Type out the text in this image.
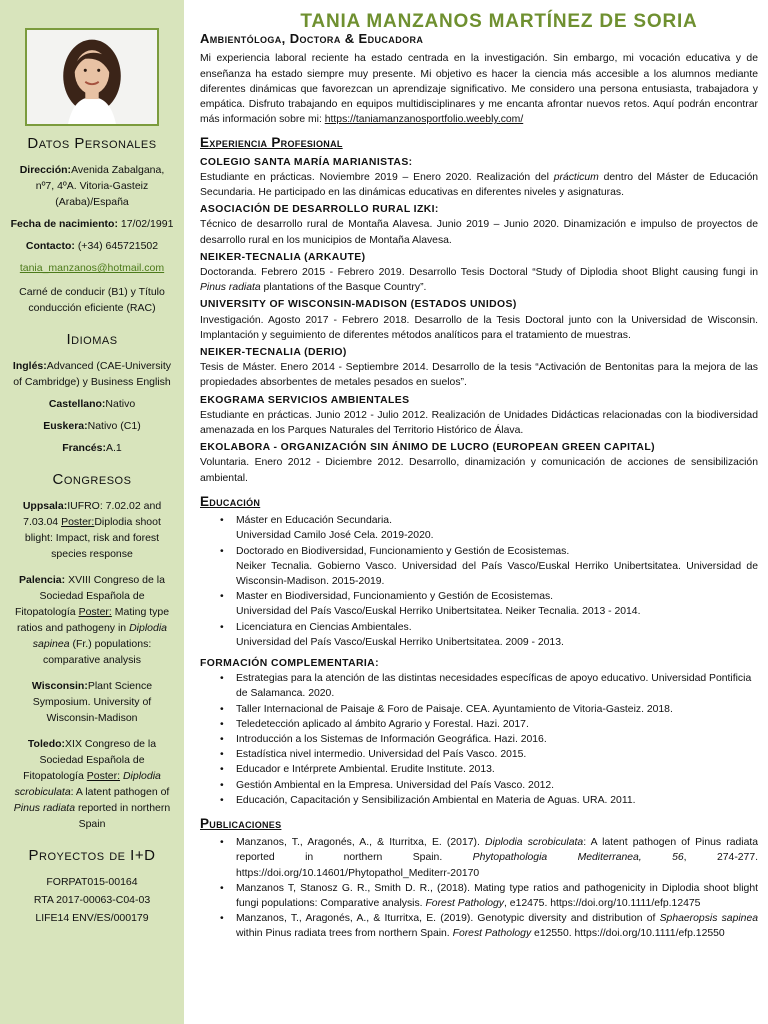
Datos Personales
Dirección:Avenida Zabalgana, nº7, 4ºA. Vitoria-Gasteiz (Araba)/España
Fecha de nacimiento: 17/02/1991
Contacto: (+34) 645721502
tania_manzanos@hotmail.com
Carné de conducir (B1) y Título conducción eficiente (RAC)
Idiomas
Inglés:Advanced (CAE-University of Cambridge) y Business English
Castellano:Nativo
Euskera:Nativo (C1)
Francés:A.1
Congresos
Uppsala:IUFRO: 7.02.02 and 7.03.04 Poster:Diplodia shoot blight: Impact, risk and forest species response
Palencia: XVIII Congreso de la Sociedad Española de Fitopatología Poster: Mating type ratios and pathogeny in Diplodia sapinea (Fr.) populations: comparative analysis
Wisconsin:Plant Science Symposium. University of Wisconsin-Madison
Toledo:XIX Congreso de la Sociedad Española de Fitopatología Poster: Diplodia scrobiculata: A latent pathogen of Pinus radiata reported in northern Spain
Proyectos de I+D
FORPAT015-00164
RTA 2017-00063-C04-03
LIFE14 ENV/ES/000179
TANIA MANZANOS MARTÍNEZ DE SORIA
Ambientóloga, Doctora & Educadora
Mi experiencia laboral reciente ha estado centrada en la investigación. Sin embargo, mi vocación educativa y de enseñanza ha estado siempre muy presente. Mi objetivo es hacer la ciencia más accesible a los alumnos mediante diferentes dinámicas que favorezcan un aprendizaje significativo. Me considero una persona entusiasta, trabajadora y empática. Disfruto trabajando en equipos multidisciplinares y me encanta afrontar nuevos retos. Aquí podrán encontrar más información sobre mi: https://taniamanzanosportfolio.weebly.com/
Experiencia Profesional
COLEGIO SANTA MARÍA MARIANISTAS:
Estudiante en prácticas. Noviembre 2019 – Enero 2020. Realización del prácticum dentro del Máster de Educación Secundaria. He participado en las dinámicas educativas en diferentes niveles y asignaturas.
ASOCIACIÓN DE DESARROLLO RURAL IZKI:
Técnico de desarrollo rural de Montaña Alavesa. Junio 2019 – Junio 2020. Dinamización e impulso de proyectos de desarrollo rural en los municipios de Montaña Alavesa.
NEIKER-TECNALIA (ARKAUTE)
Doctoranda. Febrero 2015 - Febrero 2019. Desarrollo Tesis Doctoral “Study of Diplodia shoot Blight causing fungi in Pinus radiata plantations of the Basque Country”.
UNIVERSITY OF WISCONSIN-MADISON (ESTADOS UNIDOS)
Investigación. Agosto 2017 - Febrero 2018. Desarrollo de la Tesis Doctoral junto con la Universidad de Wisconsin. Implantación y seguimiento de diferentes métodos analíticos para el tratamiento de muestras.
NEIKER-TECNALIA (DERIO)
Tesis de Máster. Enero 2014 - Septiembre 2014. Desarrollo de la tesis “Activación de Bentonitas para la mejora de las propiedades absorbentes de metales pesados en suelos”.
EKOGRAMA SERVICIOS AMBIENTALES
Estudiante en prácticas. Junio 2012 - Julio 2012. Realización de Unidades Didácticas relacionadas con la biodiversidad amenazada en los Parques Naturales del Territorio Histórico de Álava.
EKOLABORA - ORGANIZACIÓN SIN ÁNIMO DE LUCRO (EUROPEAN GREEN CAPITAL)
Voluntaria. Enero 2012 - Diciembre 2012. Desarrollo, dinamización y comunicación de acciones de sensibilización ambiental.
Educación
• Máster en Educación Secundaria.
Universidad Camilo José Cela. 2019-2020.
• Doctorado en Biodiversidad, Funcionamiento y Gestión de Ecosistemas.
Neiker Tecnalia. Gobierno Vasco. Universidad del País Vasco/Euskal Herriko Unibertsitatea. Universidad de Wisconsin-Madison. 2015-2019.
• Master en Biodiversidad, Funcionamiento y Gestión de Ecosistemas.
Universidad del País Vasco/Euskal Herriko Unibertsitatea. Neiker Tecnalia. 2013 - 2014.
• Licenciatura en Ciencias Ambientales.
Universidad del País Vasco/Euskal Herriko Unibertsitatea. 2009 - 2013.
FORMACIÓN COMPLEMENTARIA:
• Estrategias para la atención de las distintas necesidades específicas de apoyo educativo. Universidad Pontificia de Salamanca. 2020.
• Taller Internacional de Paisaje & Foro de Paisaje. CEA. Ayuntamiento de Vitoria-Gasteiz. 2018.
• Teledetección aplicado al ámbito Agrario y Forestal. Hazi. 2017.
• Introducción a los Sistemas de Información Geográfica. Hazi. 2016.
• Estadística nivel intermedio. Universidad del País Vasco. 2015.
• Educador e Intérprete Ambiental. Erudite Institute. 2013.
• Gestión Ambiental en la Empresa. Universidad del País Vasco. 2012.
• Educación, Capacitación y Sensibilización Ambiental en Materia de Aguas. URA. 2011.
Publicaciones
• Manzanos, T., Aragonés, A., & Iturritxa, E. (2017). Diplodia scrobiculata: A latent pathogen of Pinus radiata reported in northern Spain.	Phytopathologia Mediterranea, 56, 274-277. https://doi.org/10.14601/Phytopathol_Mediterr-20170
• Manzanos T, Stanosz G. R., Smith D. R., (2018). Mating type ratios and pathogenicity in Diplodia shoot blight fungi populations: Comparative analysis. Forest Pathology, e12475. https://doi.org/10.1111/efp.12475
• Manzanos, T., Aragonés, A., & Iturritxa, E. (2019). Genotypic diversity and distribution of Sphaeropsis sapinea within Pinus radiata trees from northern Spain. Forest Pathology e12550. https://doi.org/10.1111/efp.12550
